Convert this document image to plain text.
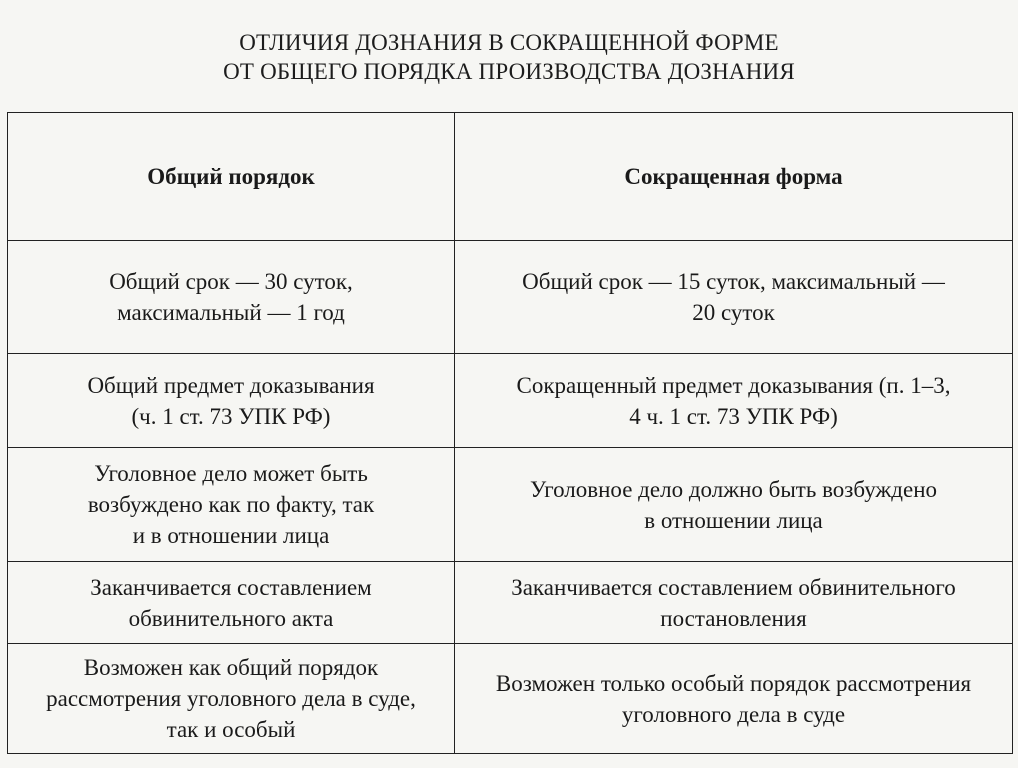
ОТЛИЧИЯ ДОЗНАНИЯ В СОКРАЩЕННОЙ ФОРМЕ
ОТ ОБЩЕГО ПОРЯДКА ПРОИЗВОДСТВА ДОЗНАНИЯ
Общий порядок	Сокращенная форма

Общий срок — 30 суток,
максимальный — 1 год	Общий срок — 15 суток, максимальный —
20 суток

Общий предмет доказывания
(ч. 1 ст. 73 УПК РФ)	Сокращенный предмет доказывания (п. 1–3,
4 ч. 1 ст. 73 УПК РФ)

Уголовное дело может быть
возбуждено как по факту, так
и в отношении лица	Уголовное дело должно быть возбуждено
в отношении лица

Заканчивается составлением
обвинительного акта	Заканчивается составлением обвинительного
постановления

Возможен как общий порядок
рассмотрения уголовного дела в суде,
так и особый	Возможен только особый порядок рассмотрения
уголовного дела в суде
